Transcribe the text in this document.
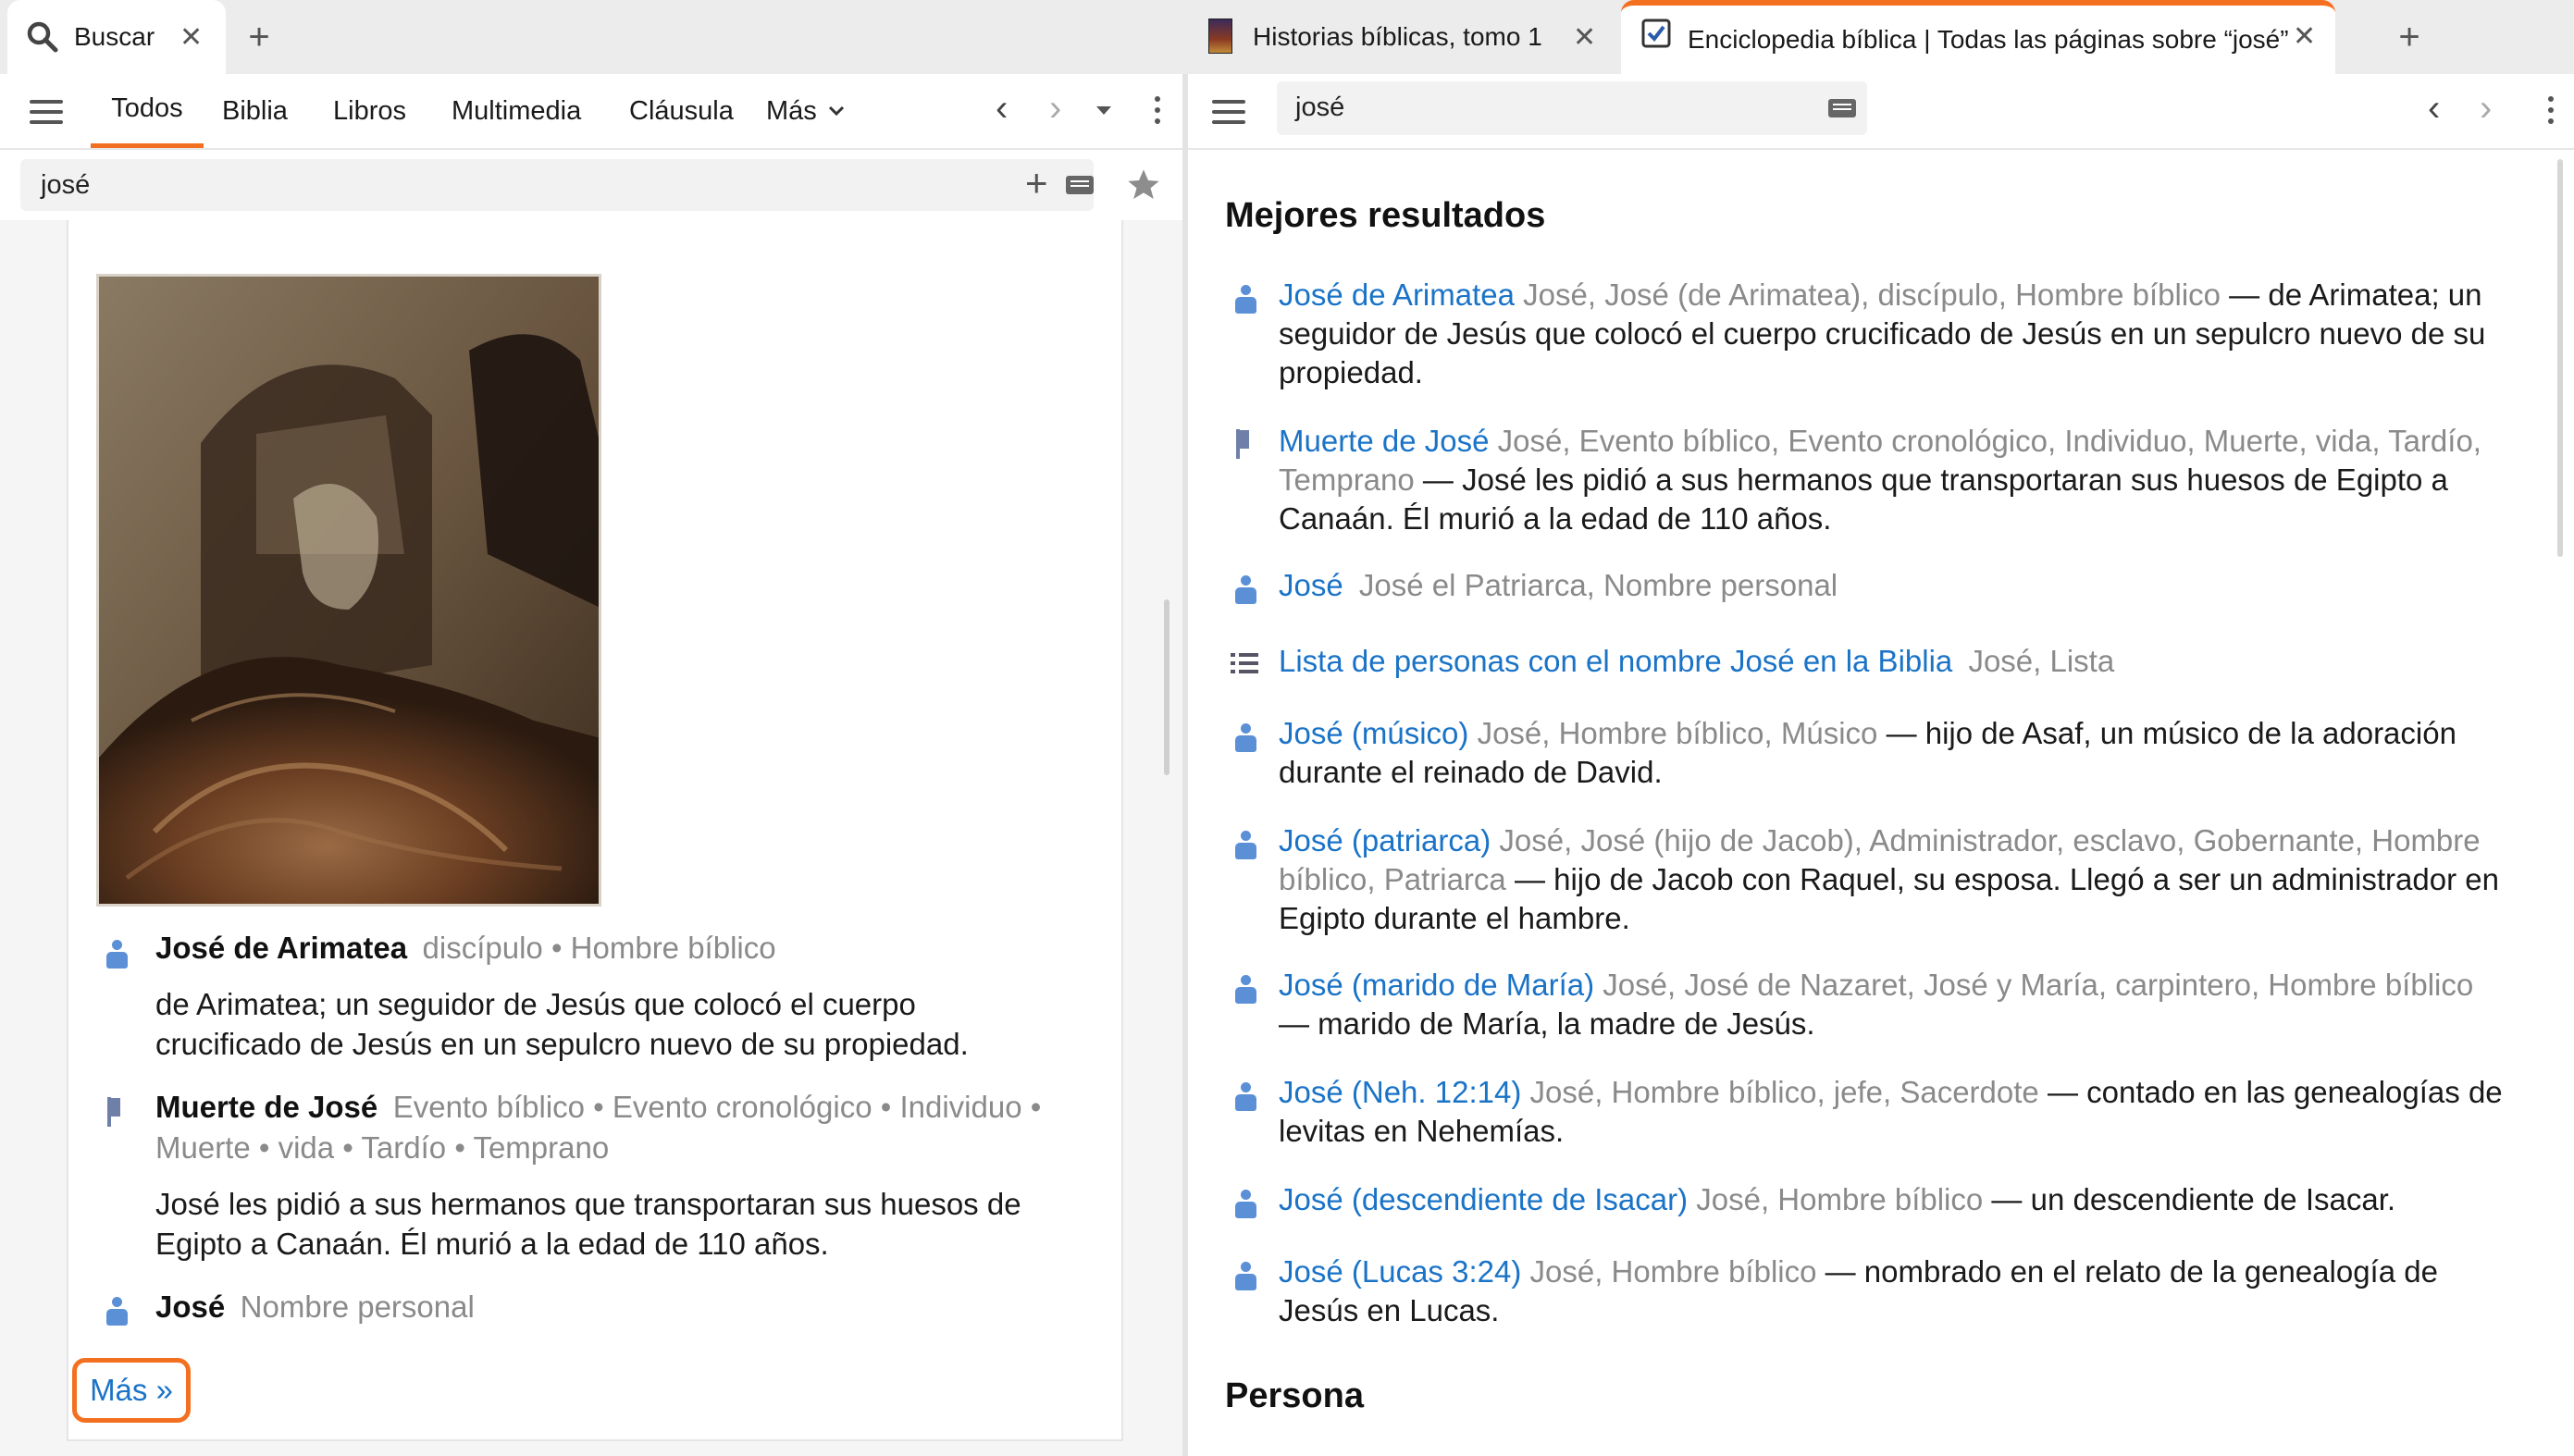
Buscar ✕	+	Historias bíblicas, tomo 1 ✕	Enciclopedia bíblica | Todas las páginas sobre “josé” ✕	+
Todos Biblia Libros Multimedia Cláusula Más	‹ ›
josé	+
José de Arimatea discípulo • Hombre bíblico
de Arimatea; un seguidor de Jesús que colocó el cuerpo
crucificado de Jesús en un sepulcro nuevo de su propiedad.
Muerte de José Evento bíblico • Evento cronológico • Individuo •
Muerte • vida • Tardío • Temprano
José les pidió a sus hermanos que transportaran sus huesos de
Egipto a Canaán. Él murió a la edad de 110 años.
José Nombre personal
Más »
‹ ›
josé
Mejores resultados
José de Arimatea José, José (de Arimatea), discípulo, Hombre bíblico — de Arimatea; un
seguidor de Jesús que colocó el cuerpo crucificado de Jesús en un sepulcro nuevo de su
propiedad.
Muerte de José José, Evento bíblico, Evento cronológico, Individuo, Muerte, vida, Tardío,
Temprano — José les pidió a sus hermanos que transportaran sus huesos de Egipto a
Canaán. Él murió a la edad de 110 años.
José José el Patriarca, Nombre personal
Lista de personas con el nombre José en la Biblia José, Lista
José (músico) José, Hombre bíblico, Músico — hijo de Asaf, un músico de la adoración
durante el reinado de David.
José (patriarca) José, José (hijo de Jacob), Administrador, esclavo, Gobernante, Hombre
bíblico, Patriarca — hijo de Jacob con Raquel, su esposa. Llegó a ser un administrador en
Egipto durante el hambre.
José (marido de María) José, José de Nazaret, José y María, carpintero, Hombre bíblico
— marido de María, la madre de Jesús.
José (Neh. 12:14) José, Hombre bíblico, jefe, Sacerdote — contado en las genealogías de
levitas en Nehemías.
José (descendiente de Isacar) José, Hombre bíblico — un descendiente de Isacar.
José (Lucas 3:24) José, Hombre bíblico — nombrado en el relato de la genealogía de
Jesús en Lucas.
Persona
